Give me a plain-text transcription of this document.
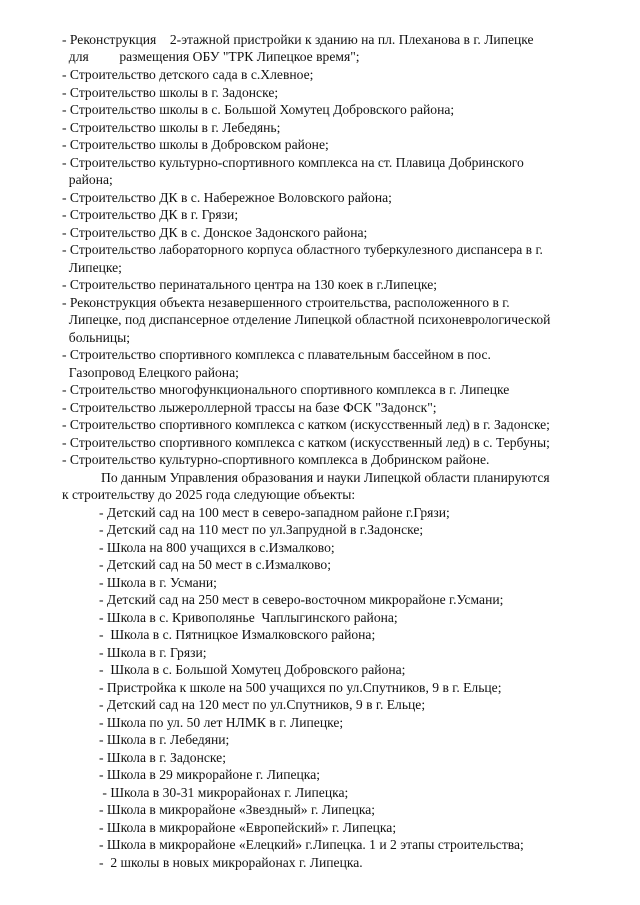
- Реконструкция    2-этажной пристройки к зданию на пл. Плеханова в г. Липецке
для         размещения ОБУ "ТРК Липецкое время";
- Строительство детского сада в с.Хлевное;
- Строительство школы в г. Задонске;
- Строительство школы в с. Большой Хомутец Добровского района;
- Строительство школы в г. Лебедянь;
- Строительство школы в Добровском районе;
- Строительство культурно-спортивного комплекса на ст. Плавица Добринского
района;
- Строительство ДК в с. Набережное Воловского района;
- Строительство ДК в г. Грязи;
- Строительство ДК в с. Донское Задонского района;
- Строительство лабораторного корпуса областного туберкулезного диспансера в г.
Липецке;
- Строительство перинатального центра на 130 коек в г.Липецке;
- Реконструкция объекта незавершенного строительства, расположенного в г.
Липецке, под диспансерное отделение Липецкой областной психоневрологической
больницы;
- Строительство спортивного комплекса с плавательным бассейном в пос.
Газопровод Елецкого района;
- Строительство многофункционального спортивного комплекса в г. Липецке
- Строительство лыжероллерной трассы на базе ФСК "Задонск";
- Строительство спортивного комплекса с катком (искусственный лед) в г. Задонске;
- Строительство спортивного комплекса с катком (искусственный лед) в с. Тербуны;
- Строительство культурно-спортивного комплекса в Добринском районе.
По данным Управления образования и науки Липецкой области планируются
к строительству до 2025 года следующие объекты:
- Детский сад на 100 мест в северо-западном районе г.Грязи;
- Детский сад на 110 мест по ул.Запрудной в г.Задонске;
- Школа на 800 учащихся в с.Измалково;
- Детский сад на 50 мест в с.Измалково;
- Школа в г. Усмани;
- Детский сад на 250 мест в северо-восточном микрорайоне г.Усмани;
- Школа в с. Кривополянье  Чаплыгинского района;
-  Школа в с. Пятницкое Измалковского района;
- Школа в г. Грязи;
-  Школа в с. Большой Хомутец Добровского района;
- Пристройка к школе на 500 учащихся по ул.Спутников, 9 в г. Ельце;
- Детский сад на 120 мест по ул.Спутников, 9 в г. Ельце;
- Школа по ул. 50 лет НЛМК в г. Липецке;
- Школа в г. Лебедяни;
- Школа в г. Задонске;
- Школа в 29 микрорайоне г. Липецка;
- Школа в 30-31 микрорайонах г. Липецка;
- Школа в микрорайоне «Звездный» г. Липецка;
- Школа в микрорайоне «Европейский» г. Липецка;
- Школа в микрорайоне «Елецкий» г.Липецка. 1 и 2 этапы строительства;
-  2 школы в новых микрорайонах г. Липецка.
